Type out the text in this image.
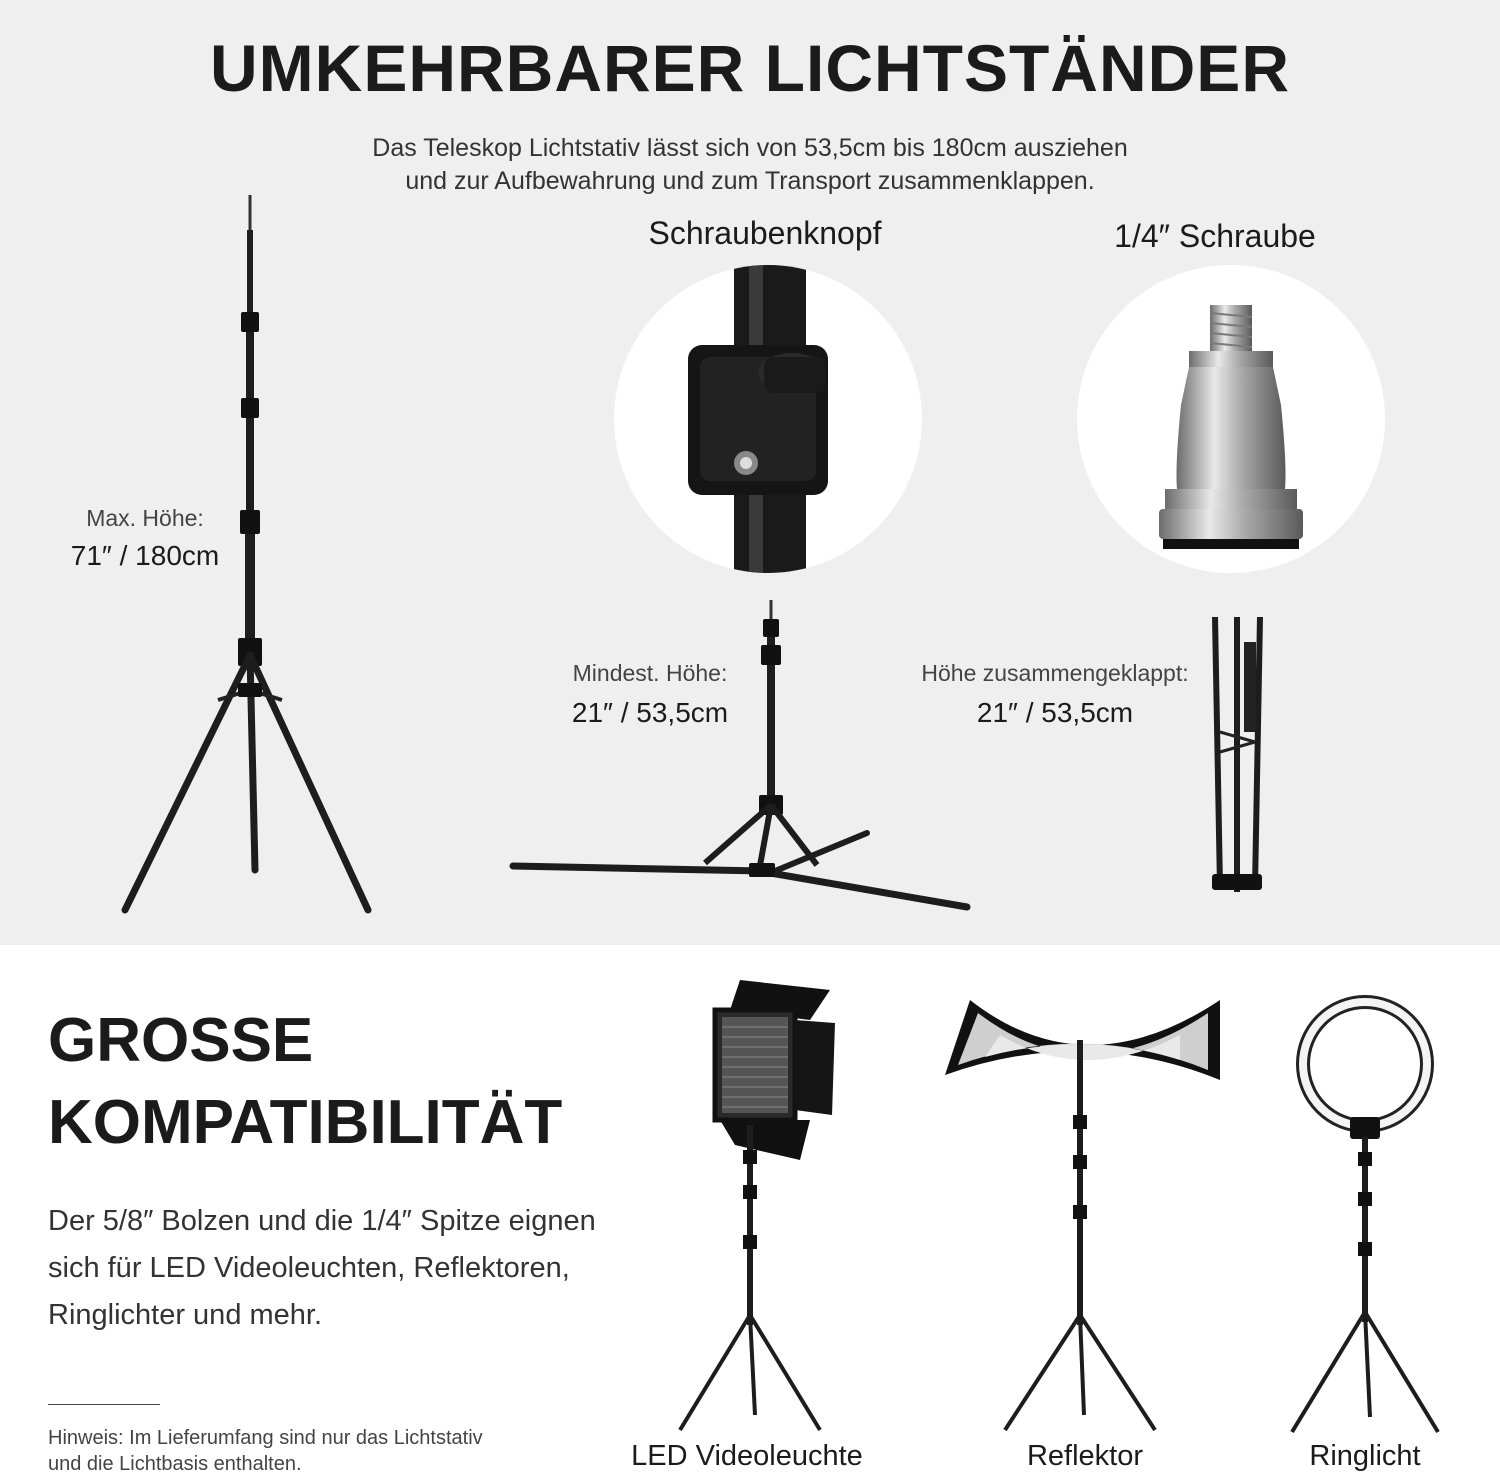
UMKEHRBARER LICHTSTÄNDER
Das Teleskop Lichtstativ lässt sich von 53,5cm bis 180cm ausziehen
und zur Aufbewahrung und zum Transport zusammenklappen.
Max. Höhe:
71″ / 180cm
Schraubenknopf	1/4″ Schraube
Mindest. Höhe:
21″ / 53,5cm
Höhe zusammengeklappt:
21″ / 53,5cm
GROSSE
KOMPATIBILITÄT
Der 5/8″ Bolzen und die 1/4″ Spitze eignen
sich für LED Videoleuchten, Reflektoren,
Ringlichter und mehr.
Hinweis: Im Lieferumfang sind nur das Lichtstativ
und die Lichtbasis enthalten.	LED Videoleuchte	Reflektor	Ringlicht
